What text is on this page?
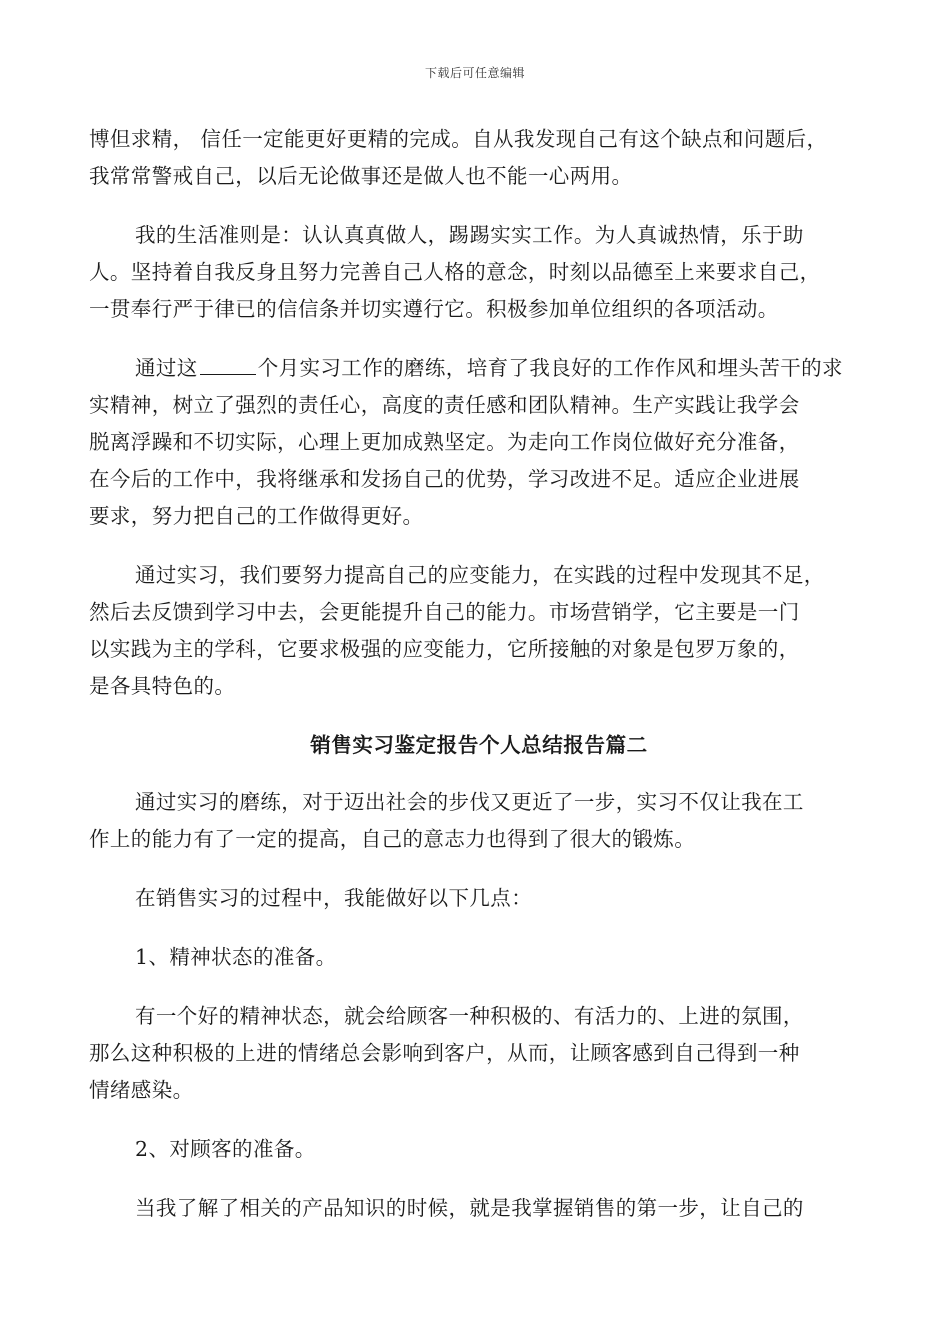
下载后可任意编辑
博但求精， 信任一定能更好更精的完成。自从我发现自己有这个缺点和问题后，
我常常警戒自己，以后无论做事还是做人也不能一心两用。
我的生活准则是：认认真真做人，踢踢实实工作。为人真诚热情，乐于助
人。坚持着自我反身且努力完善自己人格的意念，时刻以品德至上来要求自己，
一贯奉行严于律已的信信条并切实遵行它。积极参加单位组织的各项活动。
通过这	个月实习工作的磨练，培育了我良好的工作作风和埋头苦干的求
实精神，树立了强烈的责任心，高度的责任感和团队精神。生产实践让我学会
脱离浮躁和不切实际，心理上更加成熟坚定。为走向工作岗位做好充分准备，
在今后的工作中，我将继承和发扬自己的优势，学习改进不足。适应企业进展
要求，努力把自己的工作做得更好。
通过实习，我们要努力提高自己的应变能力，在实践的过程中发现其不足，
然后去反馈到学习中去，会更能提升自己的能力。市场营销学，它主要是一门
以实践为主的学科，它要求极强的应变能力，它所接触的对象是包罗万象的，
是各具特色的。
销售实习鉴定报告个人总结报告篇二
通过实习的磨练，对于迈出社会的步伐又更近了一步，实习不仅让我在工
作上的能力有了一定的提高，自己的意志力也得到了很大的锻炼。
在销售实习的过程中，我能做好以下几点：
1、精神状态的准备。
有一个好的精神状态，就会给顾客一种积极的、有活力的、上进的氛围，
那么这种积极的上进的情绪总会影响到客户，从而，让顾客感到自己得到一种
情绪感染。
2、对顾客的准备。
当我了解了相关的产品知识的时候，就是我掌握销售的第一步，让自己的
